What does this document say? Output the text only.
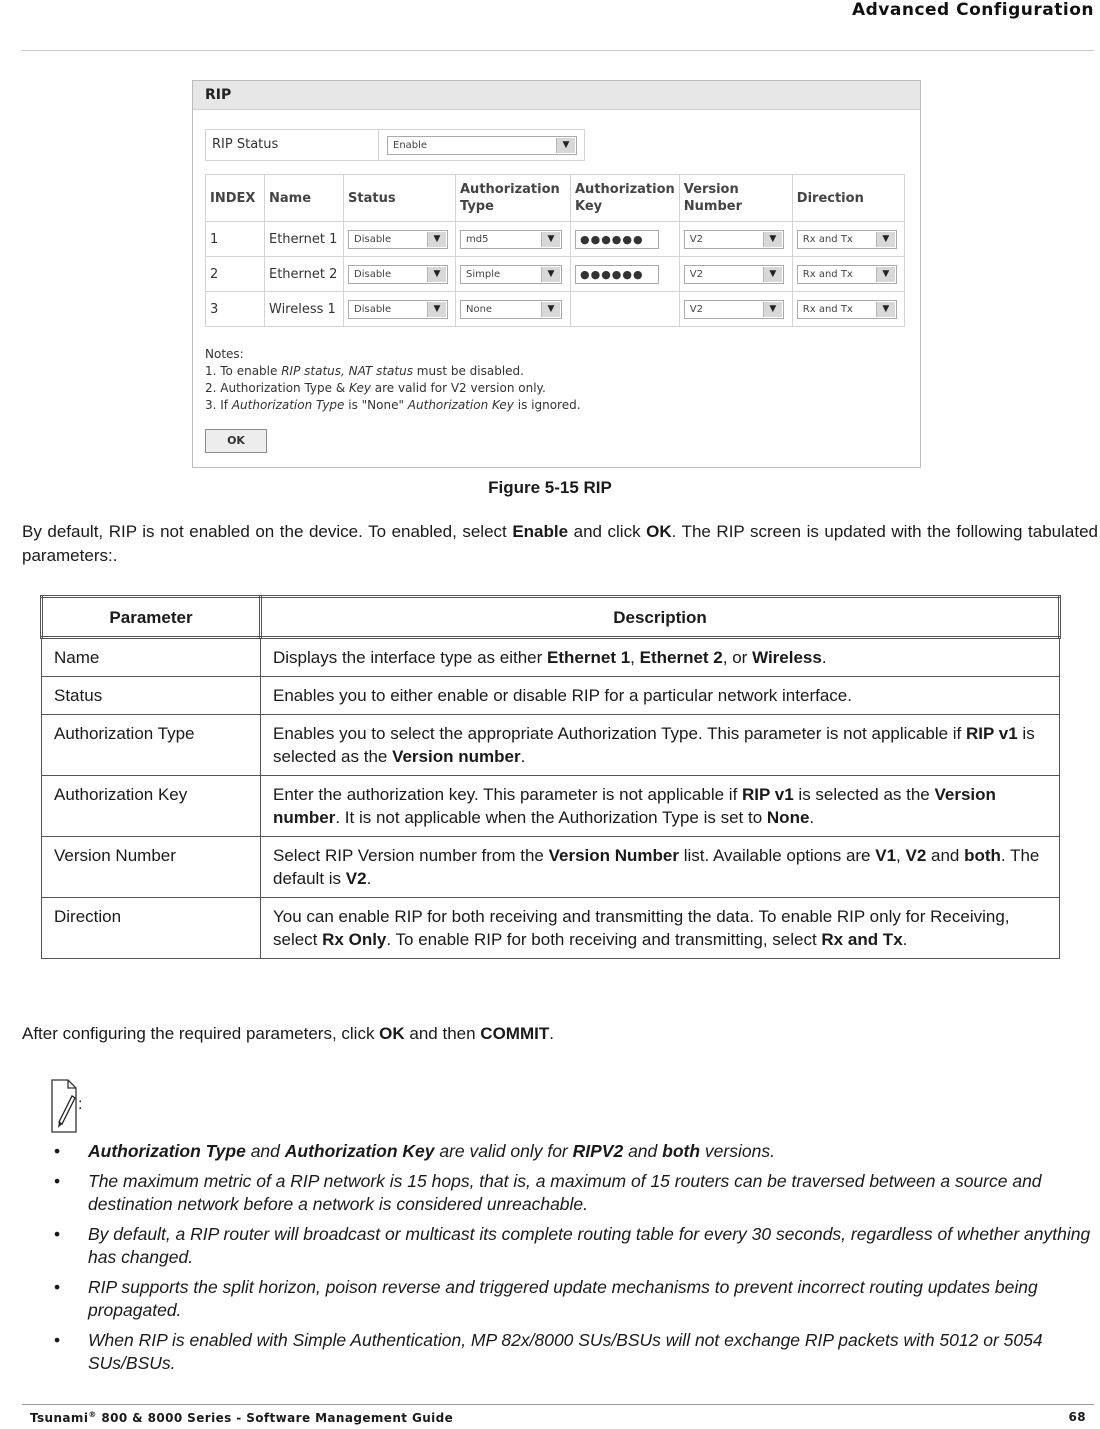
Advanced Configuration
RIP
RIP Status	Enable	▼
INDEX	Name	Status	Authorization Type	Authorization Key	Version Number	Direction
1	Ethernet 1	Disable ▼	md5 ▼	●●●●●●	V2 ▼	Rx and Tx ▼

2	Ethernet 2	Disable ▼	Simple ▼	●●●●●●	V2 ▼	Rx and Tx ▼

3	Wireless 1	Disable ▼	None ▼		V2 ▼	Rx and Tx ▼
Notes:
1. To enable RIP status, NAT status must be disabled.
2. Authorization Type & Key are valid for V2 version only.
3. If Authorization Type is "None" Authorization Key is ignored.
OK
Figure 5-15 RIP
By default, RIP is not enabled on the device. To enabled, select Enable and click OK. The RIP screen is updated with the following tabulated parameters:.
Parameter	Description
Name	Displays the interface type as either Ethernet 1, Ethernet 2, or Wireless.
Status	Enables you to either enable or disable RIP for a particular network interface.
Authorization Type	Enables you to select the appropriate Authorization Type. This parameter is not applicable if RIP v1 is selected as the Version number.
Authorization Key	Enter the authorization key. This parameter is not applicable if RIP v1 is selected as the Version number. It is not applicable when the Authorization Type is set to None.
Version Number	Select RIP Version number from the Version Number list. Available options are V1, V2 and both. The default is V2.
Direction	You can enable RIP for both receiving and transmitting the data. To enable RIP only for Receiving, select Rx Only. To enable RIP for both receiving and transmitting, select Rx and Tx.
After configuring the required parameters, click OK and then COMMIT.
:
• Authorization Type and Authorization Key are valid only for RIPV2 and both versions.
• The maximum metric of a RIP network is 15 hops, that is, a maximum of 15 routers can be traversed between a source and destination network before a network is considered unreachable.
• By default, a RIP router will broadcast or multicast its complete routing table for every 30 seconds, regardless of whether anything has changed.
• RIP supports the split horizon, poison reverse and triggered update mechanisms to prevent incorrect routing updates being propagated.
• When RIP is enabled with Simple Authentication, MP 82x/8000 SUs/BSUs will not exchange RIP packets with 5012 or 5054 SUs/BSUs.
Tsunami® 800 & 8000 Series - Software Management Guide	68
